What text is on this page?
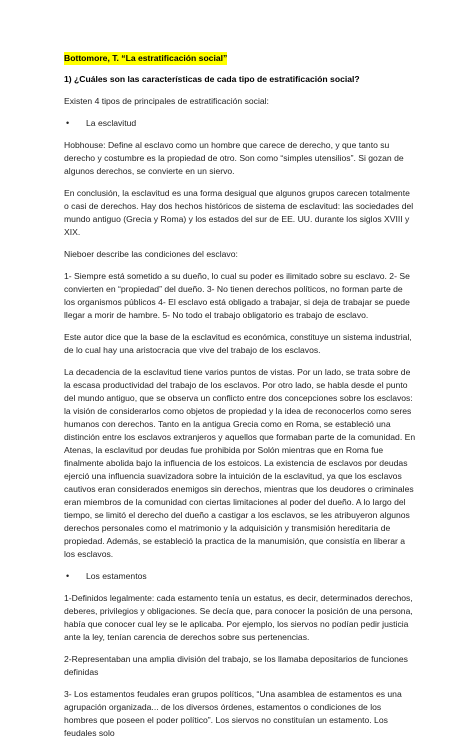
Bottomore, T. “La estratificación social”
1) ¿Cuáles son las características de cada tipo de estratificación social?

Existen 4 tipos de principales de estratificación social:

•	La esclavitud

Hobhouse: Define al esclavo como un hombre que carece de derecho, y que tanto su derecho y costumbre es la propiedad de otro. Son como “simples utensilios”. Si gozan de algunos derechos, se convierte en un siervo.

En conclusión, la esclavitud es una forma desigual que algunos grupos carecen totalmente o casi de derechos. Hay dos hechos históricos de sistema de esclavitud: las sociedades del mundo antiguo (Grecia y Roma) y los estados del sur de EE. UU. durante los siglos XVIII y XIX.

Nieboer describe las condiciones del esclavo:

1- Siempre está sometido a su dueño, lo cual su poder es ilimitado sobre su esclavo. 2- Se convierten en “propiedad” del dueño. 3- No tienen derechos políticos, no forman parte de los organismos públicos 4- El esclavo está obligado a trabajar, si deja de trabajar se puede llegar a morir de hambre. 5- No todo el trabajo obligatorio es trabajo de esclavo.

Este autor dice que la base de la esclavitud es económica, constituye un sistema industrial, de lo cual hay una aristocracia que vive del trabajo de los esclavos.

La decadencia de la esclavitud tiene varios puntos de vistas. Por un lado, se trata sobre de la escasa productividad del trabajo de los esclavos. Por otro lado, se habla desde el punto del mundo antiguo, que se observa un conflicto entre dos concepciones sobre los esclavos: la visión de considerarlos como objetos de propiedad y la idea de reconocerlos como seres humanos con derechos. Tanto en la antigua Grecia como en Roma, se estableció una distinción entre los esclavos extranjeros y aquellos que formaban parte de la comunidad. En Atenas, la esclavitud por deudas fue prohibida por Solón mientras que en Roma fue finalmente abolida bajo la influencia de los estoicos. La existencia de esclavos por deudas ejerció una influencia suavizadora sobre la intuición de la esclavitud, ya que los esclavos cautivos eran considerados enemigos sin derechos, mientras que los deudores o criminales eran miembros de la comunidad con ciertas limitaciones al poder del dueño. A lo largo del tiempo, se limitó el derecho del dueño a castigar a los esclavos, se les atribuyeron algunos derechos personales como el matrimonio y la adquisición y transmisión hereditaria de propiedad. Además, se estableció la practica de la manumisión, que consistía en liberar a los esclavos.

•	Los estamentos

1-Definidos legalmente: cada estamento tenía un estatus, es decir, determinados derechos, deberes, privilegios y obligaciones. Se decía que, para conocer la posición de una persona, había que conocer cual ley se le aplicaba. Por ejemplo, los siervos no podían pedir justicia ante la ley, tenían carencia de derechos sobre sus pertenencias.

2-Representaban una amplia división del trabajo, se los llamaba depositarios de funciones definidas

3- Los estamentos feudales eran grupos políticos, “Una asamblea de estamentos es una agrupación organizada... de los diversos órdenes, estamentos o condiciones de los hombres que poseen el poder político”. Los siervos no constituían un estamento. Los feudales solo
